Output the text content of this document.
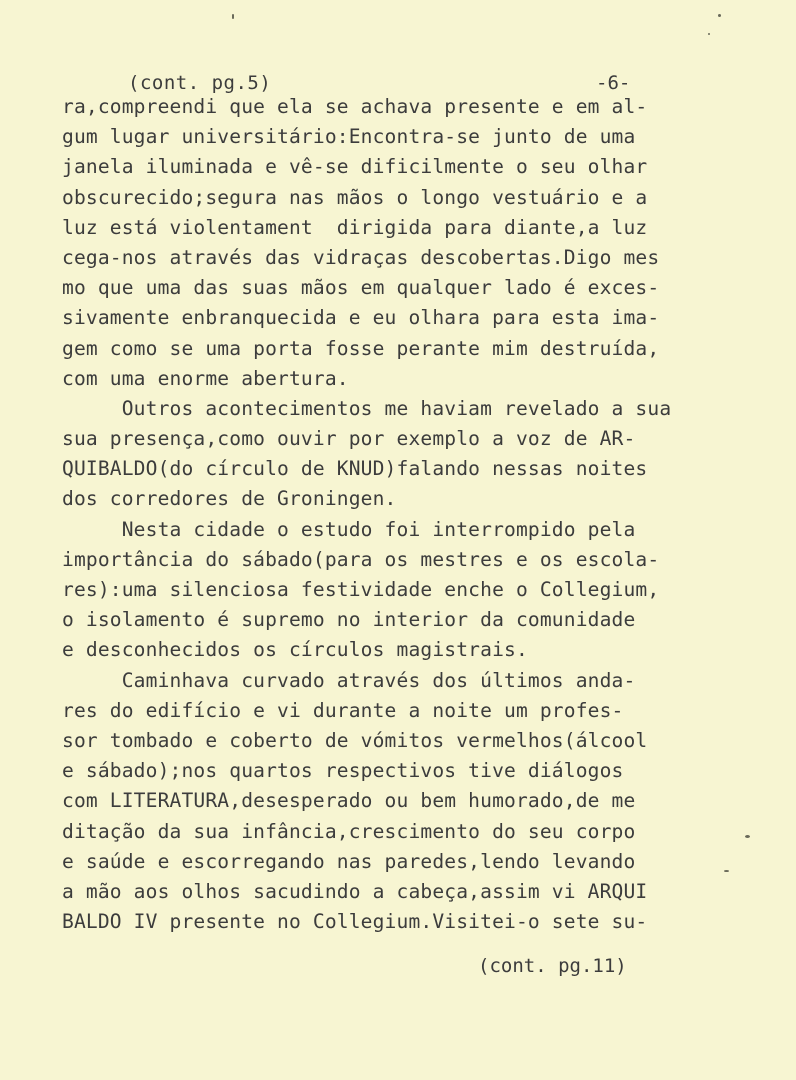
(cont. pg.5)	-6-
ra,compreendi que ela se achava presente e em al-
gum lugar universitário:Encontra-se junto de uma
janela iluminada e vê-se dificilmente o seu olhar
obscurecido;segura nas mãos o longo vestuário e a
luz está violentament  dirigida para diante,a luz
cega-nos através das vidraças descobertas.Digo mes
mo que uma das suas mãos em qualquer lado é exces-
sivamente enbranquecida e eu olhara para esta ima-
gem como se uma porta fosse perante mim destruída,
com uma enorme abertura.
Outros acontecimentos me haviam revelado a sua
sua presença,como ouvir por exemplo a voz de AR-
QUIBALDO(do círculo de KNUD)falando nessas noites
dos corredores de Groningen.
Nesta cidade o estudo foi interrompido pela
importância do sábado(para os mestres e os escola-
res):uma silenciosa festividade enche o Collegium,
o isolamento é supremo no interior da comunidade
e desconhecidos os círculos magistrais.
Caminhava curvado através dos últimos anda-
res do edifício e vi durante a noite um profes-
sor tombado e coberto de vómitos vermelhos(álcool
e sábado);nos quartos respectivos tive diálogos
com LITERATURA,desesperado ou bem humorado,de me
ditação da sua infância,crescimento do seu corpo
e saúde e escorregando nas paredes,lendo levando
a mão aos olhos sacudindo a cabeça,assim vi ARQUI
BALDO IV presente no Collegium.Visitei-o sete su-
(cont. pg.11)
